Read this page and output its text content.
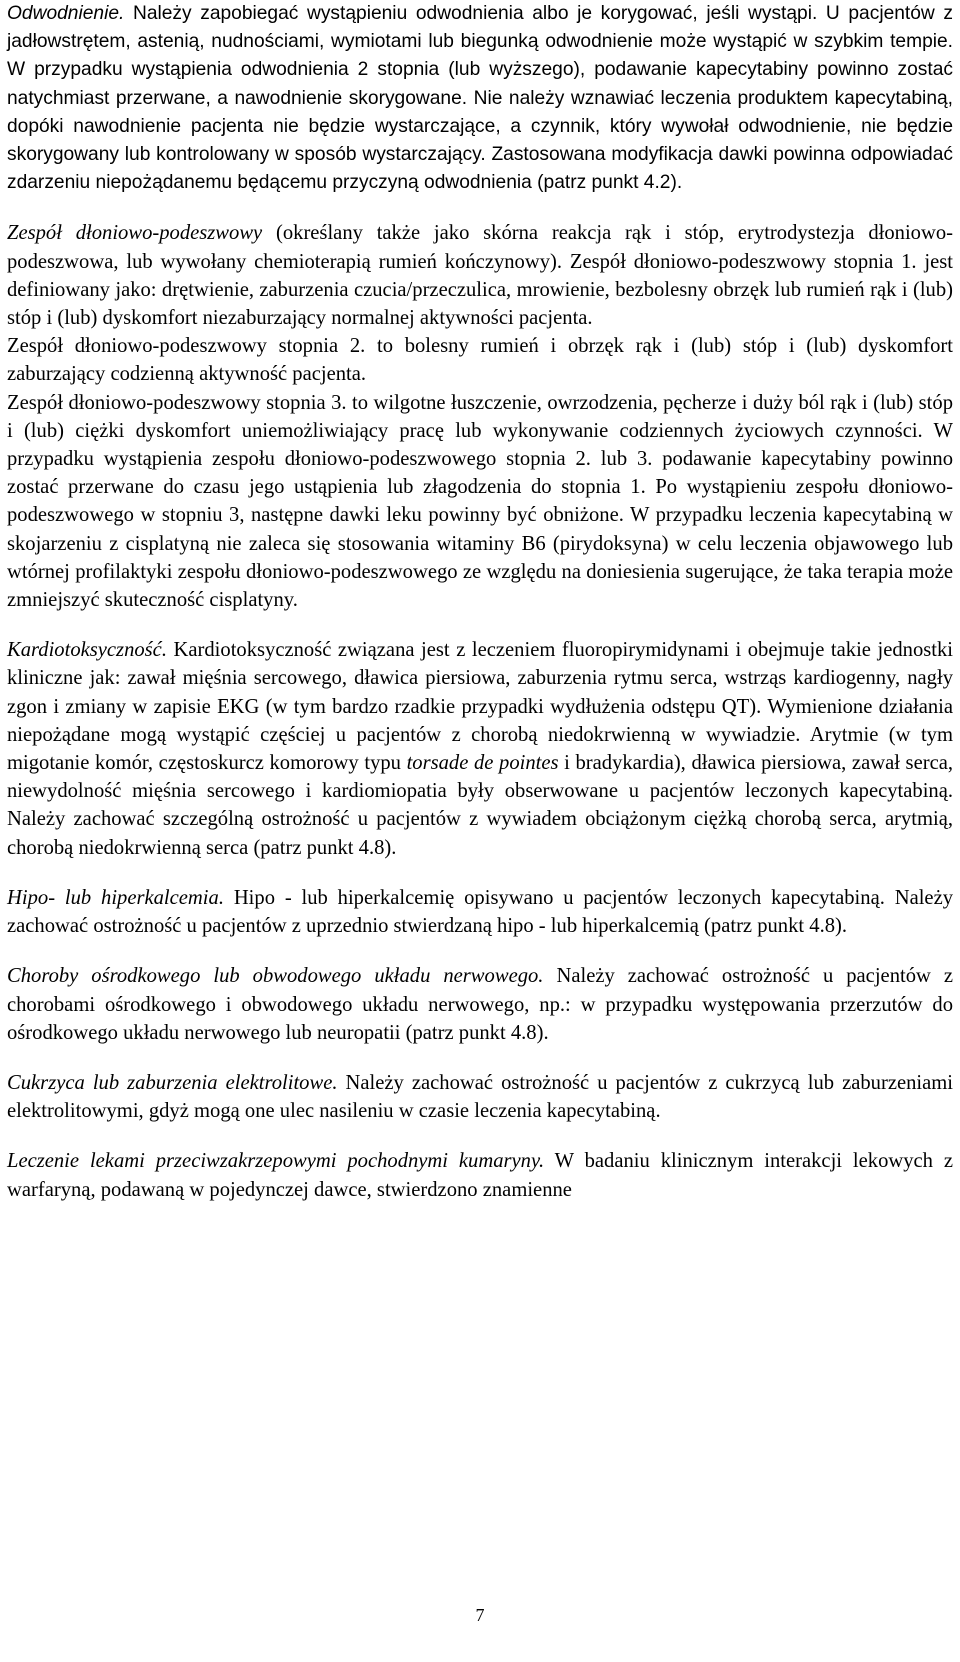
Odwodnienie. Należy zapobiegać wystąpieniu odwodnienia albo je korygować, jeśli wystąpi. U pacjentów z jadłowstrętem, astenią, nudnościami, wymiotami lub biegunką odwodnienie może wystąpić w szybkim tempie. W przypadku wystąpienia odwodnienia 2 stopnia (lub wyższego), podawanie kapecytabiny powinno zostać natychmiast przerwane, a nawodnienie skorygowane. Nie należy wznawiać leczenia produktem kapecytabiną, dopóki nawodnienie pacjenta nie będzie wystarczające, a czynnik, który wywołał odwodnienie, nie będzie skorygowany lub kontrolowany w sposób wystarczający. Zastosowana modyfikacja dawki powinna odpowiadać zdarzeniu niepożądanemu będącemu przyczyną odwodnienia (patrz punkt 4.2).

Zespół dłoniowo-podeszwowy (określany także jako skórna reakcja rąk i stóp, erytrodystezja dłoniowo-podeszwowa, lub wywołany chemioterapią rumień kończynowy). Zespół dłoniowo-podeszwowy stopnia 1. jest definiowany jako: drętwienie, zaburzenia czucia/przeczulica, mrowienie, bezbolesny obrzęk lub rumień rąk i (lub) stóp i (lub) dyskomfort niezaburzający normalnej aktywności pacjenta.

Zespół dłoniowo-podeszwowy stopnia 2. to bolesny rumień i obrzęk rąk i (lub) stóp i (lub) dyskomfort zaburzający codzienną aktywność pacjenta.

Zespół dłoniowo-podeszwowy stopnia 3. to wilgotne łuszczenie, owrzodzenia, pęcherze i duży ból rąk i (lub) stóp i (lub) ciężki dyskomfort uniemożliwiający pracę lub wykonywanie codziennych życiowych czynności. W przypadku wystąpienia zespołu dłoniowo-podeszwowego stopnia 2. lub 3. podawanie kapecytabiny powinno zostać przerwane do czasu jego ustąpienia lub złagodzenia do stopnia 1. Po wystąpieniu zespołu dłoniowo-podeszwowego w stopniu 3, następne dawki leku powinny być obniżone. W przypadku leczenia kapecytabiną w skojarzeniu z cisplatyną nie zaleca się stosowania witaminy B6 (pirydoksyna) w celu leczenia objawowego lub wtórnej profilaktyki zespołu dłoniowo-podeszwowego ze względu na doniesienia sugerujące, że taka terapia może zmniejszyć skuteczność cisplatyny.

Kardiotoksyczność. Kardiotoksyczność związana jest z leczeniem fluoropirymidynami i obejmuje takie jednostki kliniczne jak: zawał mięśnia sercowego, dławica piersiowa, zaburzenia rytmu serca, wstrząs kardiogenny, nagły zgon i zmiany w zapisie EKG (w tym bardzo rzadkie przypadki wydłużenia odstępu QT). Wymienione działania niepożądane mogą wystąpić częściej u pacjentów z chorobą niedokrwienną w wywiadzie. Arytmie (w tym migotanie komór, częstoskurcz komorowy typu torsade de pointes i bradykardia), dławica piersiowa, zawał serca, niewydolność mięśnia sercowego i kardiomiopatia były obserwowane u pacjentów leczonych kapecytabiną. Należy zachować szczególną ostrożność u pacjentów z wywiadem obciążonym ciężką chorobą serca, arytmią, chorobą niedokrwienną serca (patrz punkt 4.8).

Hipo- lub hiperkalcemia. Hipo - lub hiperkalcemię opisywano u pacjentów leczonych kapecytabiną. Należy zachować ostrożność u pacjentów z uprzednio stwierdzaną hipo - lub hiperkalcemią (patrz punkt 4.8).

Choroby ośrodkowego lub obwodowego układu nerwowego. Należy zachować ostrożność u pacjentów z chorobami ośrodkowego i obwodowego układu nerwowego, np.: w przypadku występowania przerzutów do ośrodkowego układu nerwowego lub neuropatii (patrz punkt 4.8).

Cukrzyca lub zaburzenia elektrolitowe. Należy zachować ostrożność u pacjentów z cukrzycą lub zaburzeniami elektrolitowymi, gdyż mogą one ulec nasileniu w czasie leczenia kapecytabiną.

Leczenie lekami przeciwzakrzepowymi pochodnymi kumaryny. W badaniu klinicznym interakcji lekowych z warfaryną, podawaną w pojedynczej dawce, stwierdzono znamienne

7
